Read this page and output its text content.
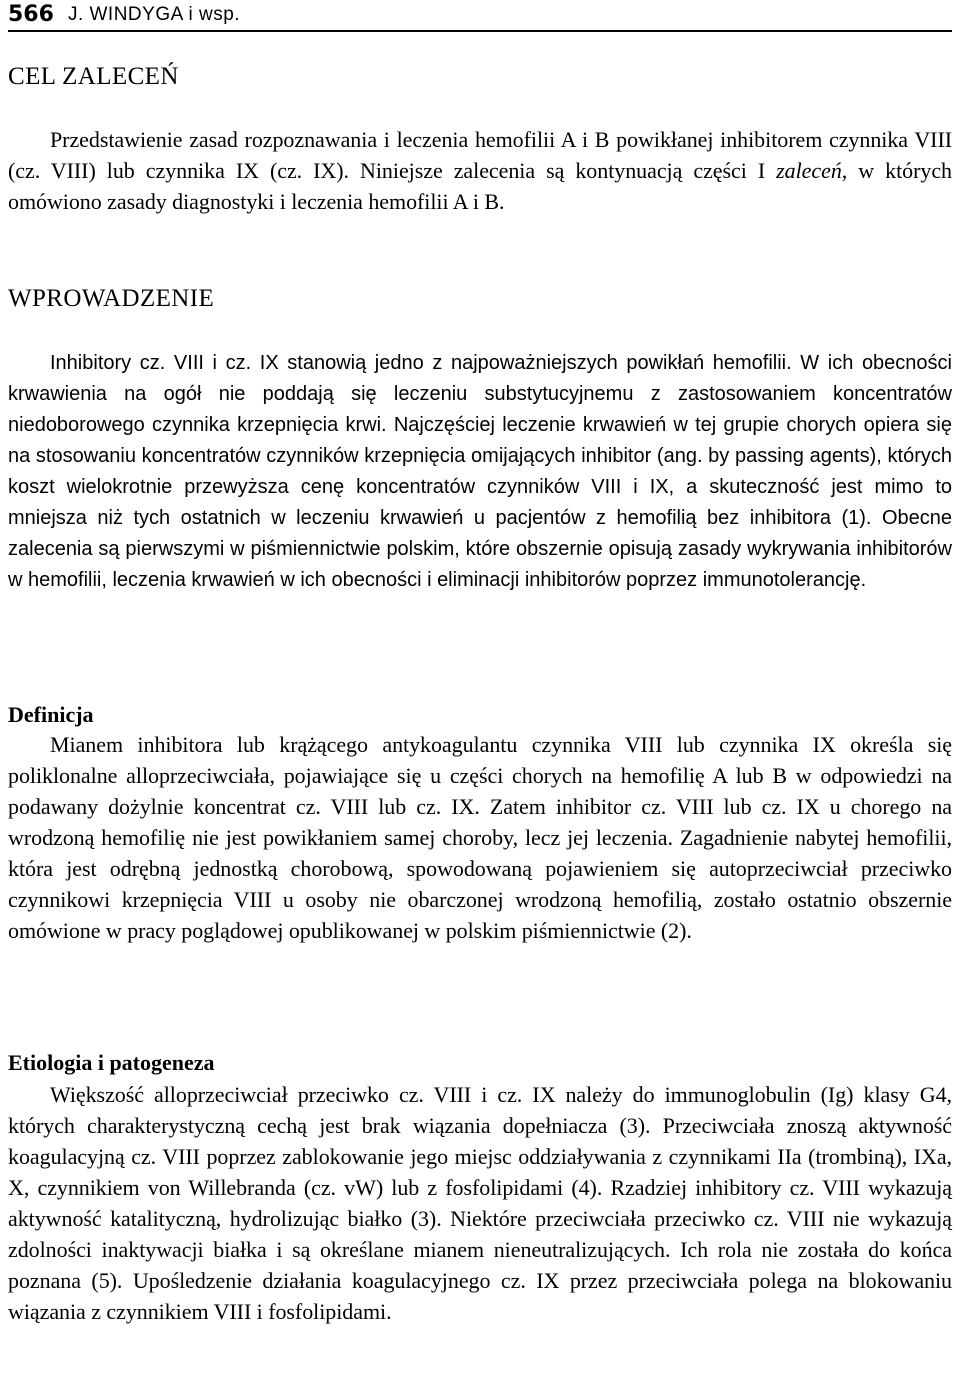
566 J. WINDYGA i wsp.
CEL ZALECEŃ

Przedstawienie zasad rozpoznawania i leczenia hemofilii A i B powikłanej inhibitorem czynnika VIII (cz. VIII) lub czynnika IX (cz. IX). Niniejsze zalecenia są kontynuacją części I zaleceń, w których omówiono zasady diagnostyki i leczenia hemofilii A i B.

WPROWADZENIE

Inhibitory cz. VIII i cz. IX stanowią jedno z najpoważniejszych powikłań hemofilii. W ich obecności krwawienia na ogół nie poddają się leczeniu substytucyjnemu z zastosowaniem koncentratów niedoborowego czynnika krzepnięcia krwi. Najczęściej leczenie krwawień w tej grupie chorych opiera się na stosowaniu koncentratów czynników krzepnięcia omijających inhibitor (ang. by passing agents), których koszt wielokrotnie przewyższa cenę koncentratów czynników VIII i IX, a skuteczność jest mimo to mniejsza niż tych ostatnich w leczeniu krwawień u pacjentów z hemofilią bez inhibitora (1). Obecne zalecenia są pierwszymi w piśmiennictwie polskim, które obszernie opisują zasady wykrywania inhibitorów w hemofilii, leczenia krwawień w ich obecności i eliminacji inhibitorów poprzez immunotolerancję.

Definicja

Mianem inhibitora lub krążącego antykoagulantu czynnika VIII lub czynnika IX określa się poliklonalne alloprzeciwciała, pojawiające się u części chorych na hemofilię A lub B w odpowiedzi na podawany dożylnie koncentrat cz. VIII lub cz. IX. Zatem inhibitor cz. VIII lub cz. IX u chorego na wrodzoną hemofilię nie jest powikłaniem samej choroby, lecz jej leczenia. Zagadnienie nabytej hemofilii, która jest odrębną jednostką chorobową, spowodowaną pojawieniem się autoprzeciwciał przeciwko czynnikowi krzepnięcia VIII u osoby nie obarczonej wrodzoną hemofilią, zostało ostatnio obszernie omówione w pracy poglądowej opublikowanej w polskim piśmiennictwie (2).

Etiologia i patogeneza

Większość alloprzeciwciał przeciwko cz. VIII i cz. IX należy do immunoglobulin (Ig) klasy G4, których charakterystyczną cechą jest brak wiązania dopełniacza (3). Przeciwciała znoszą aktywność koagulacyjną cz. VIII poprzez zablokowanie jego miejsc oddziaływania z czynnikami IIa (trombiną), IXa, X, czynnikiem von Willebranda (cz. vW) lub z fosfolipidami (4). Rzadziej inhibitory cz. VIII wykazują aktywność katalityczną, hydrolizując białko (3). Niektóre przeciwciała przeciwko cz. VIII nie wykazują zdolności inaktywacji białka i są określane mianem nieneutralizujących. Ich rola nie została do końca poznana (5). Upośledzenie działania koagulacyjnego cz. IX przez przeciwciała polega na blokowaniu wiązania z czynnikiem VIII i fosfolipidami.
